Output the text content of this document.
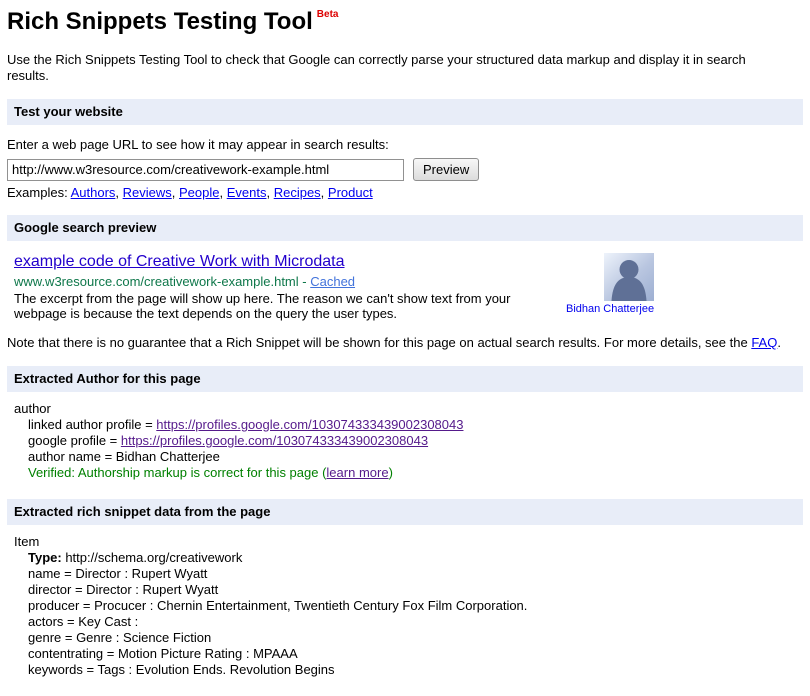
Rich Snippets Testing Tool $^{Beta}$

Use the Rich Snippets Testing Tool to check that Google can correctly parse your structured data markup and display it in search results.

Test your website
Enter a web page URL to see how it may appear in search results:
http://www.w3resource.com/creativework-example.html
Preview
Examples: Authors, Reviews, People, Events, Recipes, Product
Google search preview
example code of Creative Work with Microdata
www.w3resource.com/creativework-example.html - Cached
The excerpt from the page will show up here. The reason we can't show text from your webpage is because the text depends on the query the user types.	Bidhan Chatterjee
Note that there is no guarantee that a Rich Snippet will be shown for this page on actual search results. For more details, see the FAQ.
Extracted Author for this page
author
linked author profile = https://profiles.google.com/103074333439002308043
google profile = https://profiles.google.com/103074333439002308043
author name = Bidhan Chatterjee
Verified: Authorship markup is correct for this page (learn more)
Extracted rich snippet data from the page
Item
Type: http://schema.org/creativework
name = Director : Rupert Wyatt
director = Director : Rupert Wyatt
producer = Procucer : Chernin Entertainment, Twentieth Century Fox Film Corporation.
actors = Key Cast :
genre = Genre : Science Fiction
contentrating = Motion Picture Rating : MPAAA
keywords = Tags : Evolution Ends. Revolution Begins
